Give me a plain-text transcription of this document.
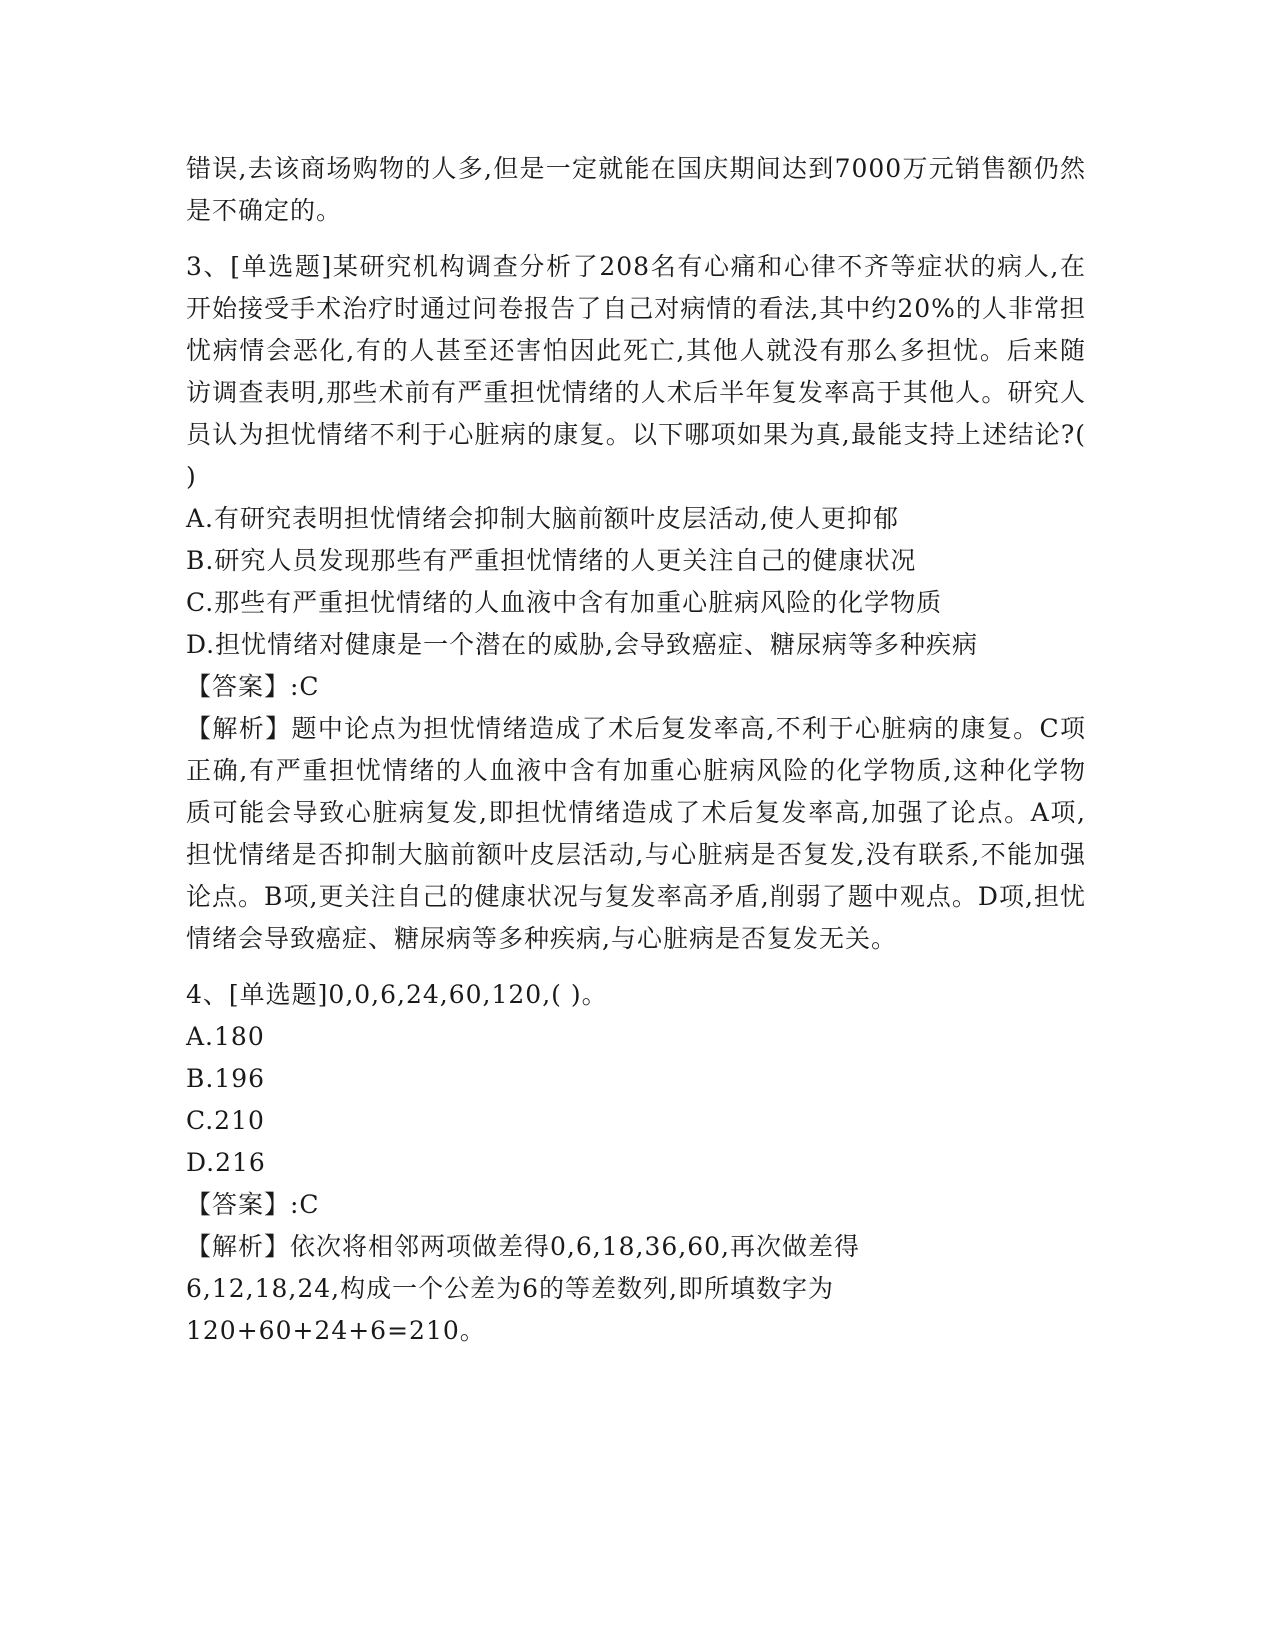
错误,去该商场购物的人多,但是一定就能在国庆期间达到7000万元销售额仍然是不确定的。

3、[单选题]某研究机构调查分析了208名有心痛和心律不齐等症状的病人,在开始接受手术治疗时通过问卷报告了自己对病情的看法,其中约20%的人非常担忧病情会恶化,有的人甚至还害怕因此死亡,其他人就没有那么多担忧。后来随访调查表明,那些术前有严重担忧情绪的人术后半年复发率高于其他人。研究人员认为担忧情绪不利于心脏病的康复。以下哪项如果为真,最能支持上述结论?( )

A.有研究表明担忧情绪会抑制大脑前额叶皮层活动,使人更抑郁

B.研究人员发现那些有严重担忧情绪的人更关注自己的健康状况

C.那些有严重担忧情绪的人血液中含有加重心脏病风险的化学物质

D.担忧情绪对健康是一个潜在的威胁,会导致癌症、糖尿病等多种疾病

【答案】:C

【解析】题中论点为担忧情绪造成了术后复发率高,不利于心脏病的康复。C项正确,有严重担忧情绪的人血液中含有加重心脏病风险的化学物质,这种化学物质可能会导致心脏病复发,即担忧情绪造成了术后复发率高,加强了论点。A项,担忧情绪是否抑制大脑前额叶皮层活动,与心脏病是否复发,没有联系,不能加强论点。B项,更关注自己的健康状况与复发率高矛盾,削弱了题中观点。D项,担忧情绪会导致癌症、糖尿病等多种疾病,与心脏病是否复发无关。

4、[单选题]0,0,6,24,60,120,( )。

A.180

B.196

C.210

D.216

【答案】:C

【解析】依次将相邻两项做差得0,6,18,36,60,再次做差得

6,12,18,24,构成一个公差为6的等差数列,即所填数字为

120+60+24+6=210。
